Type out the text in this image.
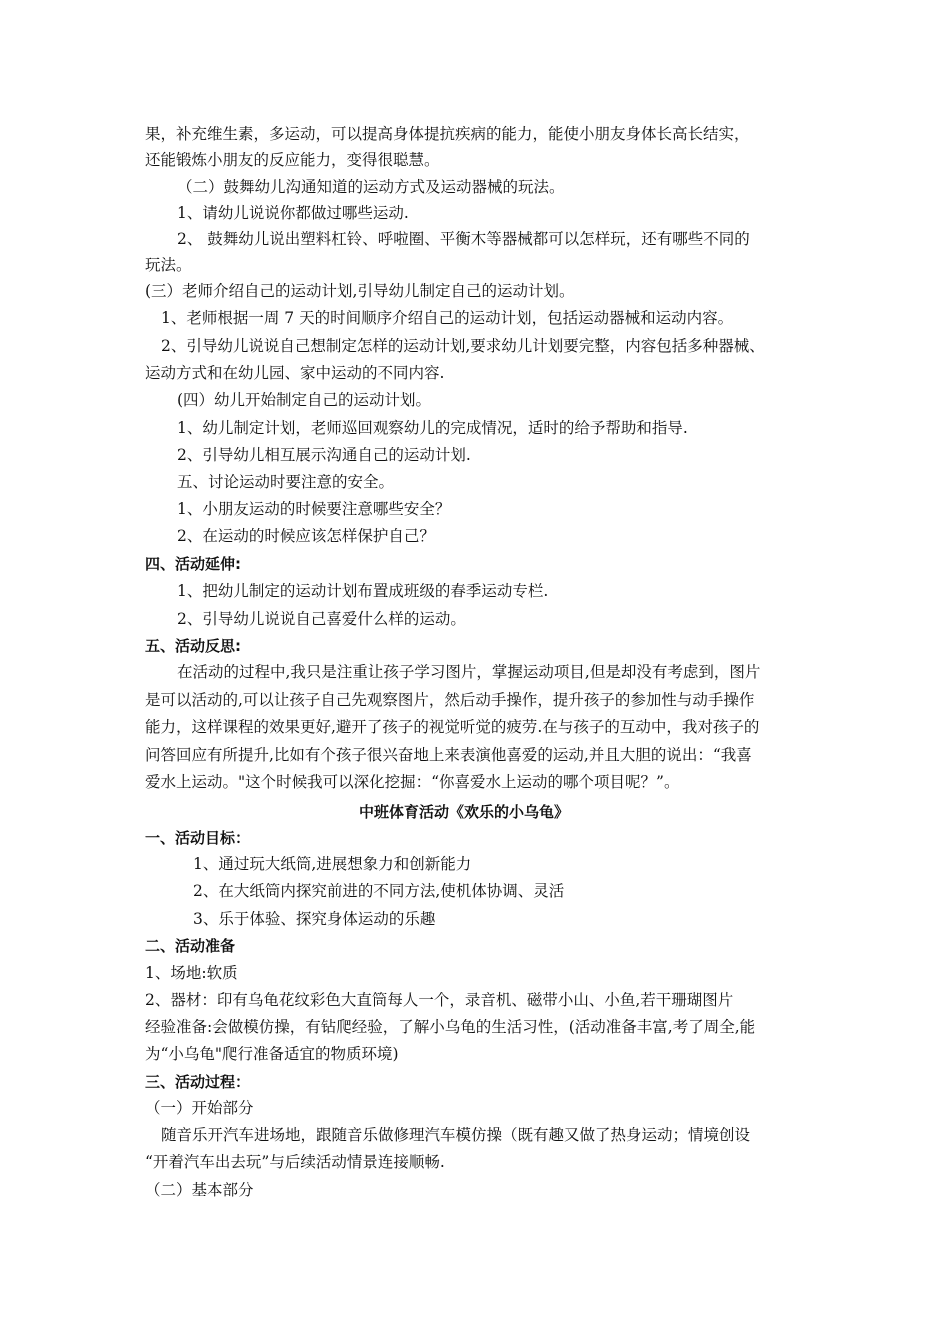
果，补充维生素，多运动，可以提高身体提抗疾病的能力，能使小朋友身体长高长结实，
还能锻炼小朋友的反应能力，变得很聪慧。
（二）鼓舞幼儿沟通知道的运动方式及运动器械的玩法。
1、请幼儿说说你都做过哪些运动.
2、 鼓舞幼儿说出塑料杠铃、呼啦圈、平衡木等器械都可以怎样玩，还有哪些不同的
玩法。
(三）老师介绍自己的运动计划,引导幼儿制定自己的运动计划。
1、老师根据一周 7 天的时间顺序介绍自己的运动计划，包括运动器械和运动内容。
2、引导幼儿说说自己想制定怎样的运动计划,要求幼儿计划要完整，内容包括多种器械、
运动方式和在幼儿园、家中运动的不同内容.
(四）幼儿开始制定自己的运动计划。
1、幼儿制定计划，老师巡回观察幼儿的完成情况，适时的给予帮助和指导.
2、引导幼儿相互展示沟通自己的运动计划.
五、讨论运动时要注意的安全。
1、小朋友运动的时候要注意哪些安全？
2、在运动的时候应该怎样保护自己？
四、活动延伸:
1、把幼儿制定的运动计划布置成班级的春季运动专栏.
2、引导幼儿说说自己喜爱什么样的运动。
五、活动反思:
在活动的过程中,我只是注重让孩子学习图片，掌握运动项目,但是却没有考虑到，图片
是可以活动的,可以让孩子自己先观察图片，然后动手操作，提升孩子的参加性与动手操作
能力，这样课程的效果更好,避开了孩子的视觉听觉的疲劳.在与孩子的互动中，我对孩子的
问答回应有所提升,比如有个孩子很兴奋地上来表演他喜爱的运动,并且大胆的说出：“我喜
爱水上运动。"这个时候我可以深化挖掘：“你喜爱水上运动的哪个项目呢？”。
中班体育活动《欢乐的小乌龟》
一、活动目标：
1、通过玩大纸筒,进展想象力和创新能力
2、在大纸筒内探究前进的不同方法,使机体协调、灵活
3、乐于体验、探究身体运动的乐趣
二、活动准备
1、场地:软质
2、器材：印有乌龟花纹彩色大直筒每人一个，录音机、磁带小山、小鱼,若干珊瑚图片
经验准备:会做模仿操，有钻爬经验，了解小乌龟的生活习性，(活动准备丰富,考了周全,能
为“小乌龟"爬行准备适宜的物质环境)
三、活动过程：
（一）开始部分
随音乐开汽车进场地，跟随音乐做修理汽车模仿操（既有趣又做了热身运动；情境创设
“开着汽车出去玩”与后续活动情景连接顺畅.
（二）基本部分
